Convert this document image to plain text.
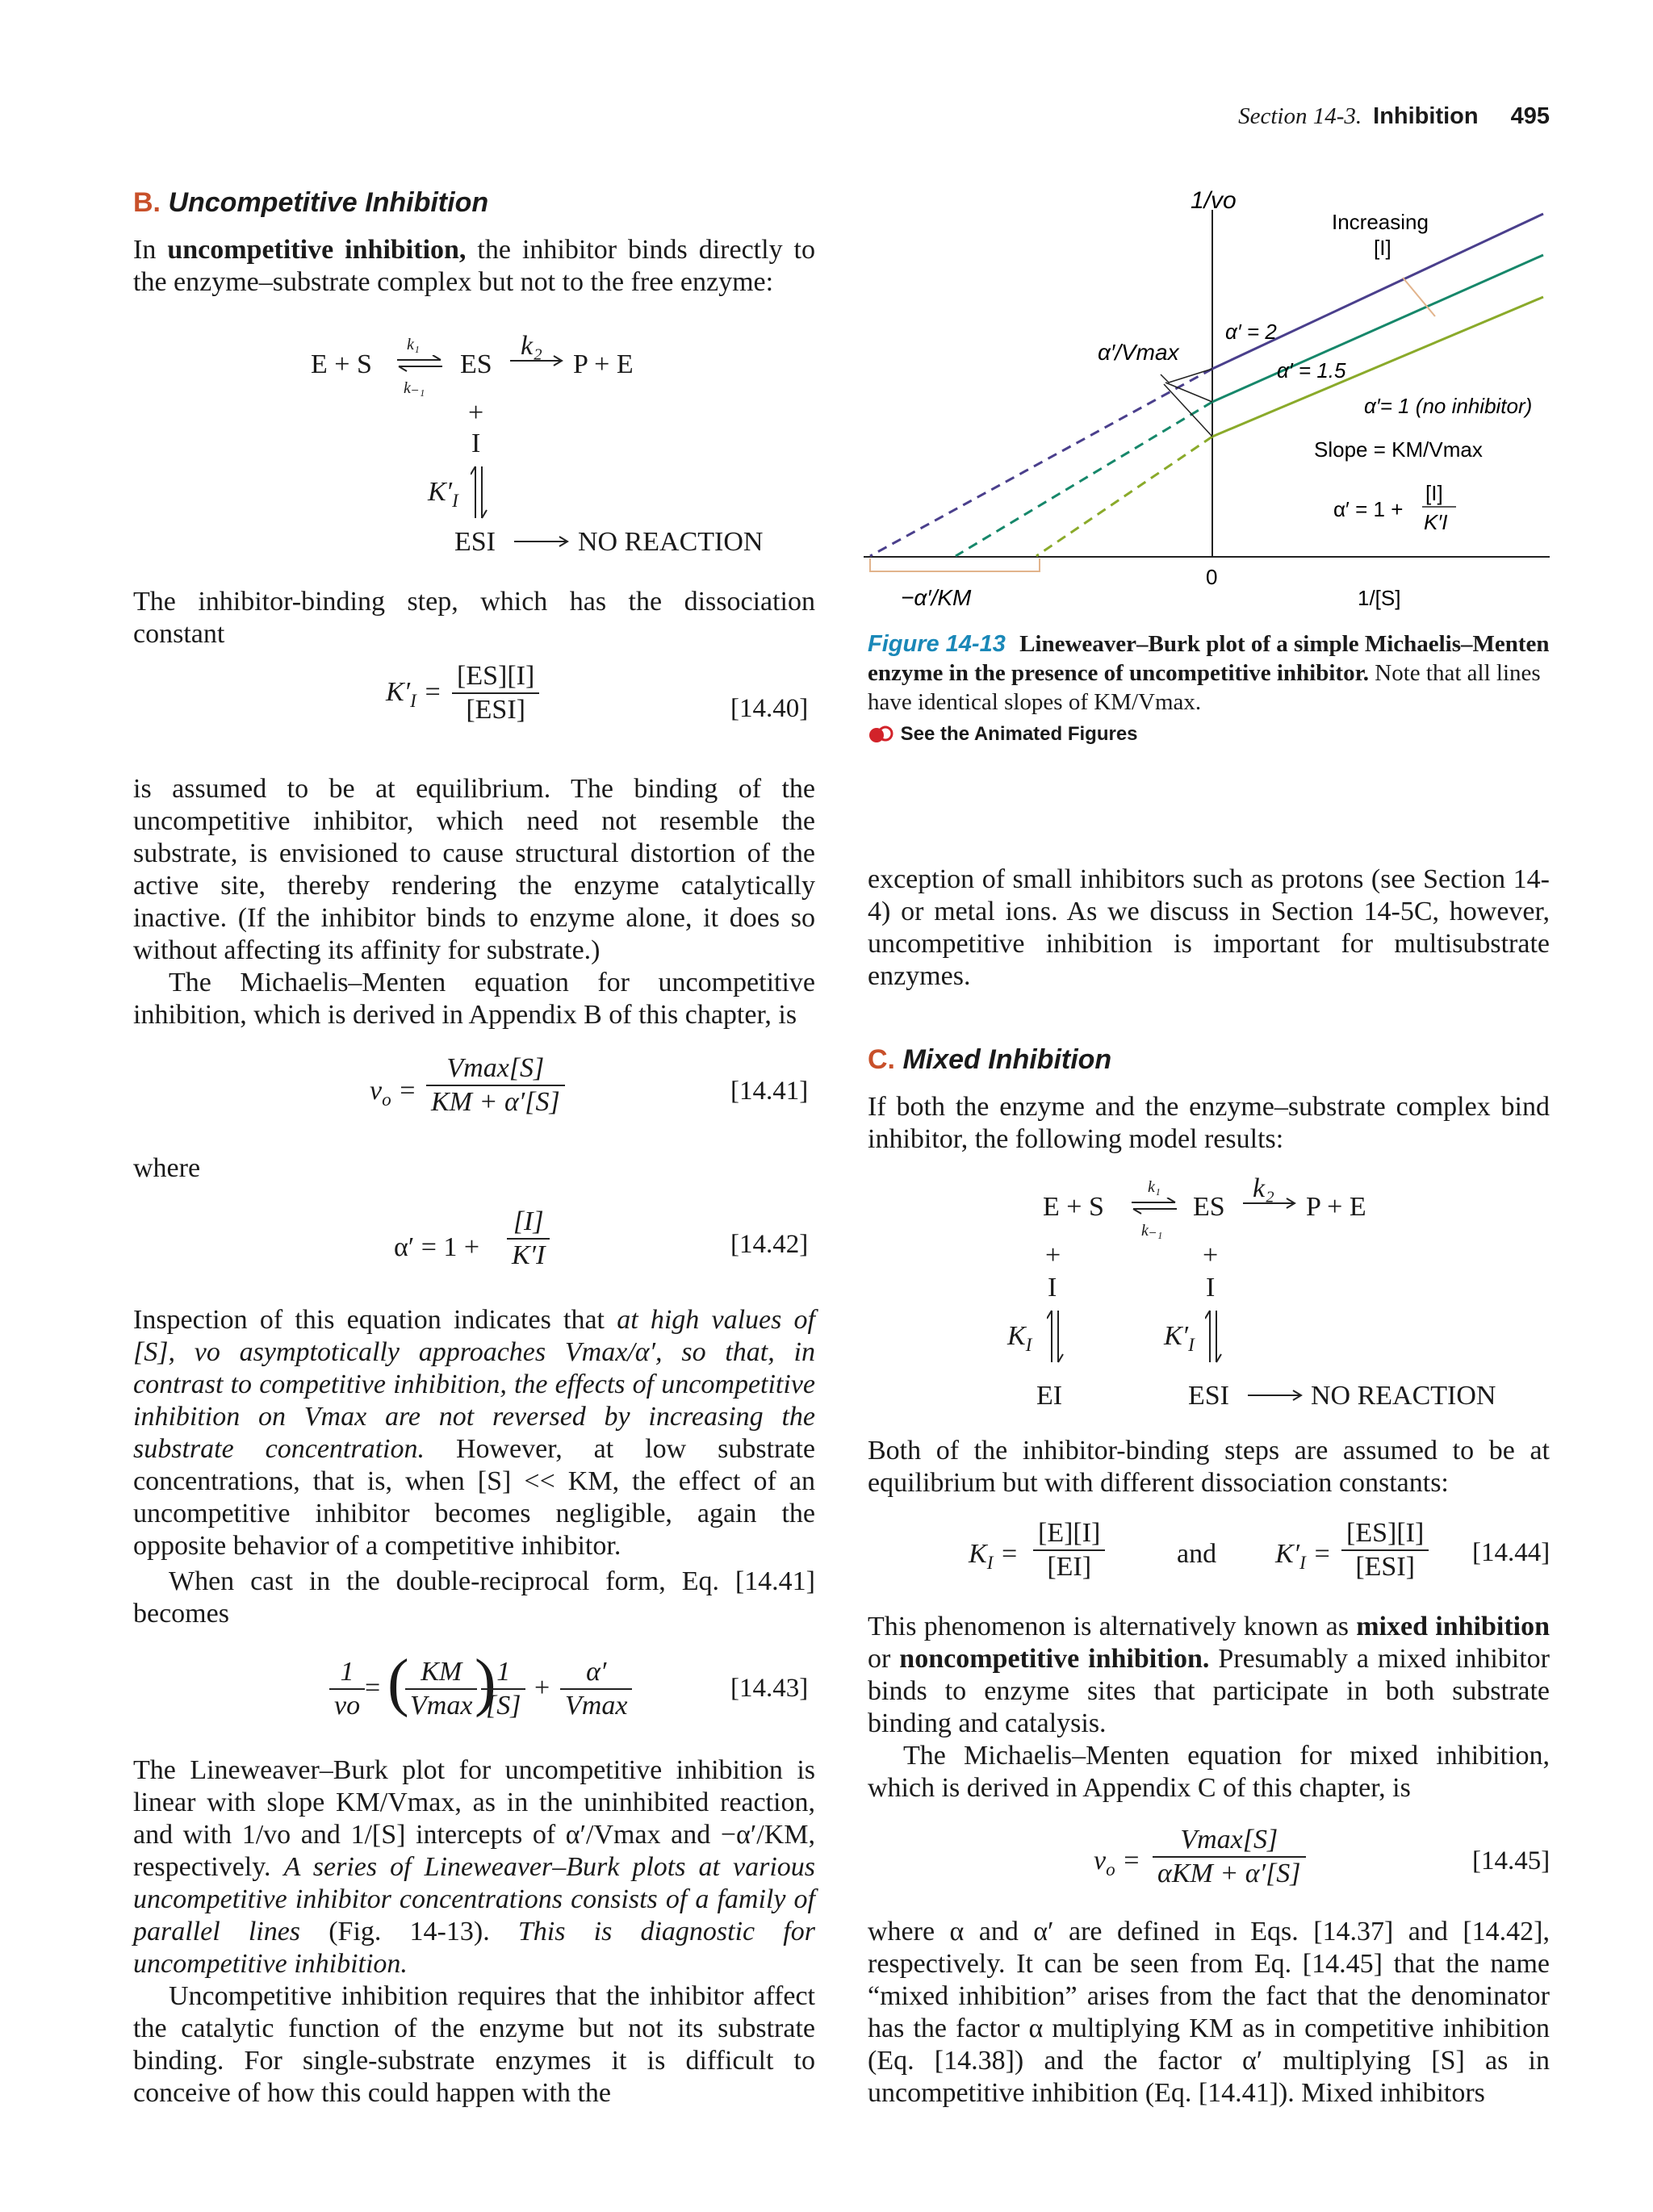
Section 14-3. Inhibition 495
B. Uncompetitive Inhibition

In uncompetitive inhibition, the inhibitor binds directly to the enzyme–substrate complex but not to the free enzyme:

E + S
k₁
k₋₁
ES
k₂
P + E
+
I
$K'_I$
ESI	NO REACTION

The inhibitor-binding step, which has the dissociation constant

$K'_I$ =
[ES][I]
[ESI]	[14.40]

is assumed to be at equilibrium. The binding of the uncompetitive inhibitor, which need not resemble the substrate, is envisioned to cause structural distortion of the active site, thereby rendering the enzyme catalytically inactive. (If the inhibitor binds to enzyme alone, it does so without affecting its affinity for substrate.)

The Michaelis–Menten equation for uncompetitive inhibition, which is derived in Appendix B of this chapter, is

$v_o$ =
Vmax[S]
KM + α′[S]	[14.41]
where
$\alpha' = 1 + \frac{[I]}{K'I}$	[14.42]

Inspection of this equation indicates that at high values of [S], vo asymptotically approaches Vmax/α′, so that, in contrast to competitive inhibition, the effects of uncompetitive inhibition on Vmax are not reversed by increasing the substrate concentration. However, at low substrate concentrations, that is, when [S] << KM, the effect of an uncompetitive inhibitor becomes negligible, again the opposite behavior of a competitive inhibitor.

When cast in the double-reciprocal form, Eq. [14.41] becomes

$\frac{1}{vo}$ = ( KM
Vmax )
$\frac{1}{[S]}$ +
α′
Vmax
[14.43]

The Lineweaver–Burk plot for uncompetitive inhibition is linear with slope KM/Vmax, as in the uninhibited reaction, and with 1/vo and 1/[S] intercepts of α′/Vmax and −α′/KM, respectively. A series of Lineweaver–Burk plots at various uncompetitive inhibitor concentrations consists of a family of parallel lines (Fig. 14-13). This is diagnostic for uncompetitive inhibition.

Uncompetitive inhibition requires that the inhibitor affect the catalytic function of the enzyme but not its substrate binding. For single-substrate enzymes it is difficult to conceive of how this could happen with the

1/vo
Increasing
[I]
α′ = 2
α′ = 1.5
α′= 1 (no inhibitor)
α′/Vmax
Slope = KM/Vmax
α′ = 1 +
[I]
K′I
0
−α′/KM	1/[S]
Figure 14-13 Lineweaver–Burk plot of a simple Michaelis–Menten enzyme in the presence of uncompetitive inhibitor. Note that all lines have identical slopes of KM/Vmax.
See the Animated Figures

exception of small inhibitors such as protons (see Section 14-4) or metal ions. As we discuss in Section 14-5C, however, uncompetitive inhibition is important for multisubstrate enzymes.

C. Mixed Inhibition

If both the enzyme and the enzyme–substrate complex bind inhibitor, the following model results:

E + S
k₁
k₋₁
ES
k₂
P + E
+	+
I	I
$K_I$	$K'_I$
EI	ESI	NO REACTION

Both of the inhibitor-binding steps are assumed to be at equilibrium but with different dissociation constants:

$K_I = \frac{[E][I]}{[EI]}$	and $K'_I$ =
[ES][I]
[ESI]	[14.44]

This phenomenon is alternatively known as mixed inhibition or noncompetitive inhibition. Presumably a mixed inhibitor binds to enzyme sites that participate in both substrate binding and catalysis.

The Michaelis–Menten equation for mixed inhibition, which is derived in Appendix C of this chapter, is

$v_o$ =
Vmax[S]
αKM + α′[S]	[14.45]

where α and α′ are defined in Eqs. [14.37] and [14.42], respectively. It can be seen from Eq. [14.45] that the name “mixed inhibition” arises from the fact that the denominator has the factor α multiplying KM as in competitive inhibition (Eq. [14.38]) and the factor α′ multiplying [S] as in uncompetitive inhibition (Eq. [14.41]). Mixed inhibitors
